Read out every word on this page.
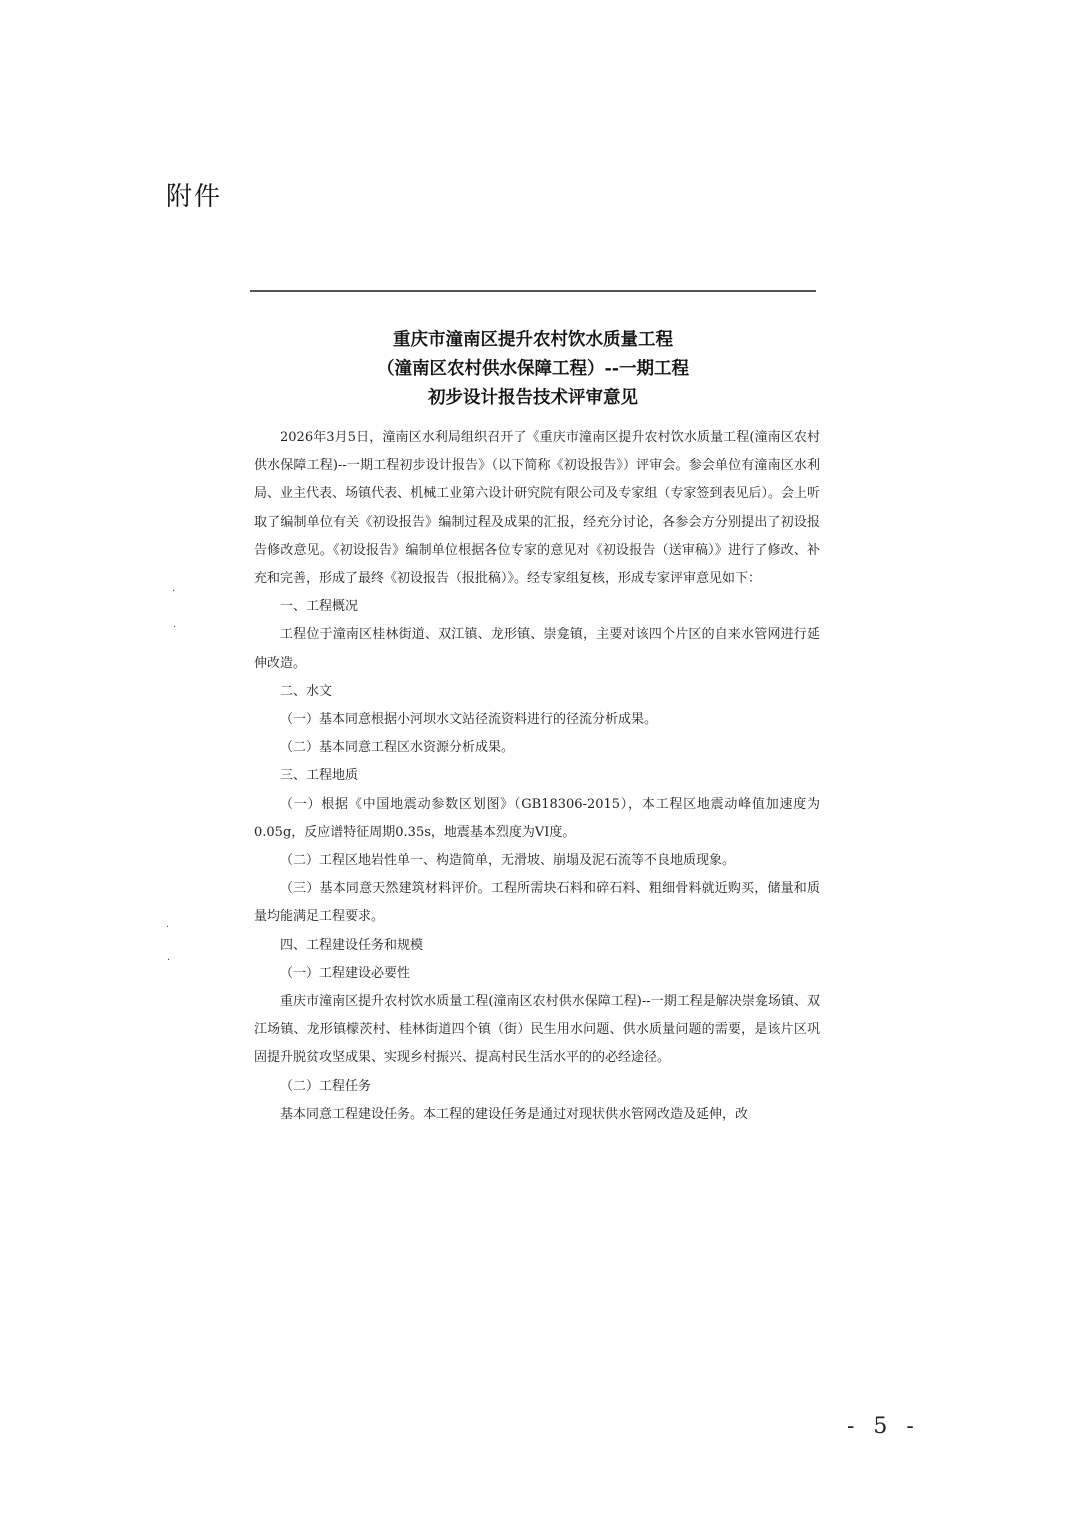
附件
重庆市潼南区提升农村饮水质量工程
（潼南区农村供水保障工程）--一期工程
初步设计报告技术评审意见

2026年3月5日，潼南区水利局组织召开了《重庆市潼南区提升农村饮水质量工程(潼南区农村供水保障工程)--一期工程初步设计报告》（以下简称《初设报告》）评审会。参会单位有潼南区水利局、业主代表、场镇代表、机械工业第六设计研究院有限公司及专家组（专家签到表见后）。会上听取了编制单位有关《初设报告》编制过程及成果的汇报，经充分讨论，各参会方分别提出了初设报告修改意见。《初设报告》编制单位根据各位专家的意见对《初设报告（送审稿）》进行了修改、补充和完善，形成了最终《初设报告（报批稿）》。经专家组复核，形成专家评审意见如下：

一、工程概况

工程位于潼南区桂林街道、双江镇、龙形镇、崇龛镇，主要对该四个片区的自来水管网进行延伸改造。

二、水文

（一）基本同意根据小河坝水文站径流资料进行的径流分析成果。

（二）基本同意工程区水资源分析成果。

三、工程地质

（一）根据《中国地震动参数区划图》（GB18306-2015），本工程区地震动峰值加速度为0.05g，反应谱特征周期0.35s，地震基本烈度为VI度。

（二）工程区地岩性单一、构造简单，无滑坡、崩塌及泥石流等不良地质现象。

（三）基本同意天然建筑材料评价。工程所需块石料和碎石料、粗细骨料就近购买，储量和质量均能满足工程要求。

四、工程建设任务和规模

（一）工程建设必要性

重庆市潼南区提升农村饮水质量工程(潼南区农村供水保障工程)--一期工程是解决崇龛场镇、双江场镇、龙形镇檬茨村、桂林街道四个镇（街）民生用水问题、供水质量问题的需要，是该片区巩固提升脱贫攻坚成果、实现乡村振兴、提高村民生活水平的的必经途径。

（二）工程任务

基本同意工程建设任务。本工程的建设任务是通过对现状供水管网改造及延伸，改

·
·
·
·
- 5 -
